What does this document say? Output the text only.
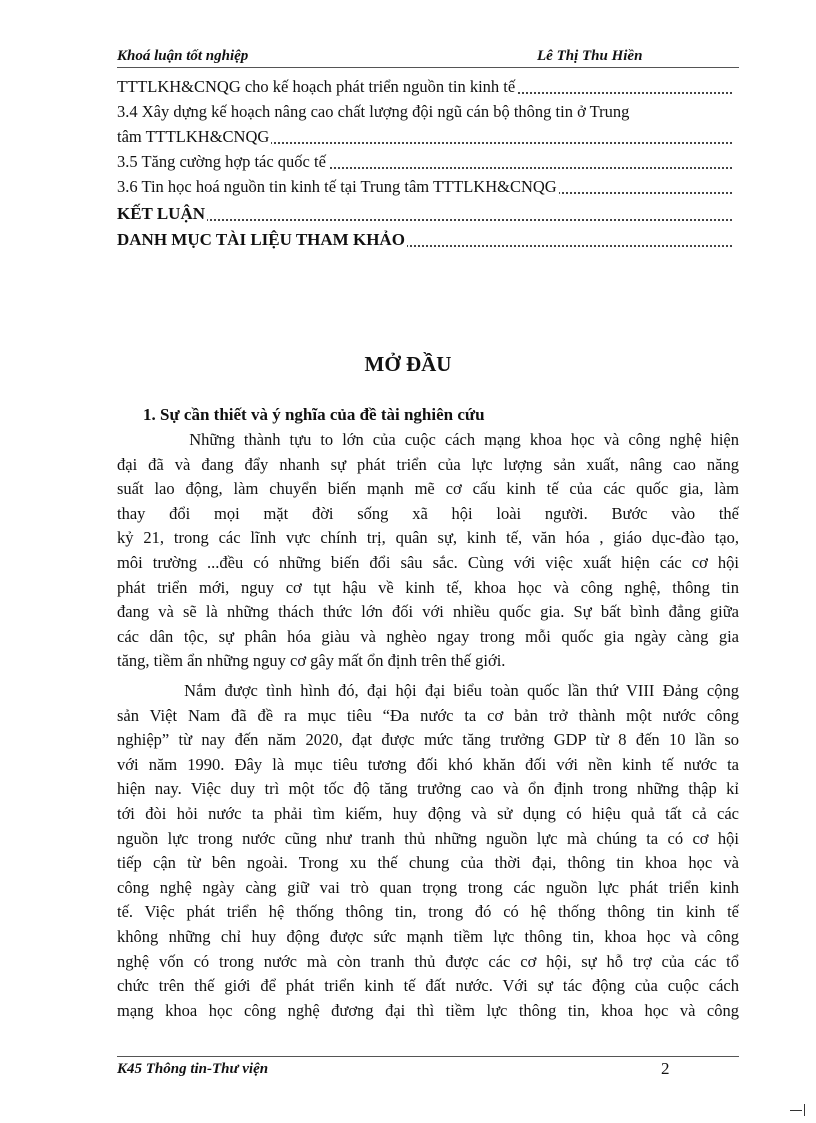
Khoá luận tốt nghiệp	Lê Thị Thu Hiền
TTTLKH&CNQG cho kế hoạch phát triển nguồn tin kinh tế
3.4 Xây dựng kế hoạch nâng cao chất lượng đội ngũ cán bộ thông tin ở Trung
tâm TTTLKH&CNQG
3.5 Tăng cường hợp tác quốc tế
3.6 Tin học hoá nguồn tin kinh tế tại Trung tâm TTTLKH&CNQG
KẾT LUẬN
DANH MỤC TÀI LIỆU THAM KHẢO
MỞ ĐẦU
1. Sự cần thiết và ý nghĩa của đề tài nghiên cứu
Những thành tựu to lớn của cuộc cách mạng khoa học và công nghệ hiện
đại đã và đang đẩy nhanh sự phát triển của lực lượng sản xuất, nâng cao năng
suất lao động, làm chuyển biến mạnh mẽ cơ cấu kinh tế của các quốc gia, làm
thay đổi mọi mặt đời sống xã hội loài người. Bước vào thế
kỷ 21, trong các lĩnh vực chính trị, quân sự, kinh tế, văn hóa , giáo dục-đào tạo,
môi trường ...đều có những biến đổi sâu sắc. Cùng với việc xuất hiện các cơ hội
phát triển mới, nguy cơ tụt hậu về kinh tế, khoa học và công nghệ, thông tin
đang và sẽ là những thách thức lớn đối với nhiều quốc gia. Sự bất bình đẳng giữa
các dân tộc, sự phân hóa giàu và nghèo ngay trong mỗi quốc gia ngày càng gia
tăng, tiềm ẩn những nguy cơ gây mất ổn định trên thế giới.
Nắm được tình hình đó, đại hội đại biểu toàn quốc lần thứ VIII Đảng cộng
sản Việt Nam đã đề ra mục tiêu “Đa nước ta cơ bản trở thành một nước công
nghiệp” từ nay đến năm 2020, đạt được mức tăng trưởng GDP từ 8 đến 10 lần so
với năm 1990. Đây là mục tiêu tương đối khó khăn đối với nền kinh tế nước ta
hiện nay. Việc duy trì một tốc độ tăng trưởng cao và ổn định trong những thập kỉ
tới đòi hỏi nước ta phải tìm kiếm, huy động và sử dụng có hiệu quả tất cả các
nguồn lực trong nước cũng như tranh thủ những nguồn lực mà chúng ta có cơ hội
tiếp cận từ bên ngoài. Trong xu thế chung của thời đại, thông tin khoa học và
công nghệ ngày càng giữ vai trò quan trọng trong các nguồn lực phát triển kinh
tế. Việc phát triển hệ thống thông tin, trong đó có hệ thống thông tin kinh tế
không những chỉ huy động được sức mạnh tiềm lực thông tin, khoa học và công
nghệ vốn có trong nước mà còn tranh thủ được các cơ hội, sự hỗ trợ của các tổ
chức trên thế giới để phát triển kinh tế đất nước. Với sự tác động của cuộc cách
mạng khoa học công nghệ đương đại thì tiềm lực thông tin, khoa học và công
K45 Thông tin-Thư viện	2
